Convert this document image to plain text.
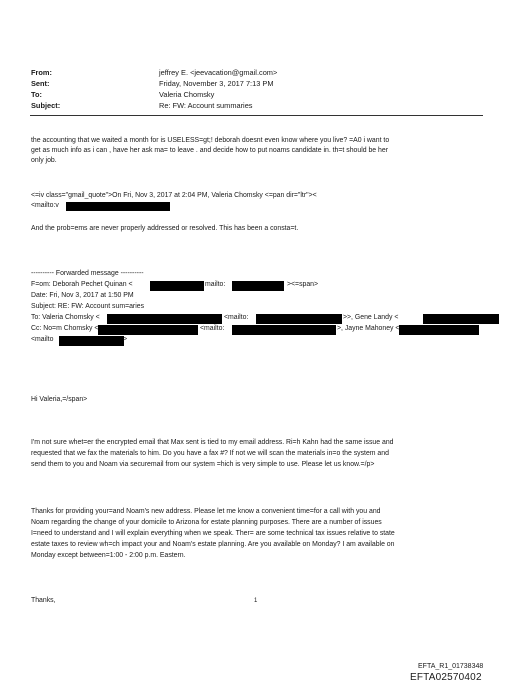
From:	jeffrey E. <jeevacation@gmail.com>
Sent:	Friday, November 3, 2017 7:13 PM
To:	Valeria Chomsky
Subject:	Re: FW: Account summaries
the accounting that we waited a month for is USELESS=gt;! deborah doesnt even know where you live? =A0 i want to
get as much info as i can , have her ask ma= to leave . and decide how to put noams candidate in. th=t should be her
only job.
<=iv class="gmail_quote">On Fri, Nov 3, 2017 at 2:04 PM, Valeria Chomsky <=pan dir="ltr"><
<mailto:v
And the prob=ems are never properly addressed or resolved. This has been a consta=t.
---------- Forwarded message ----------
F=om: Deborah Pechet Quinan <	mailto:	><=span>
Date: Fri, Nov 3, 2017 at 1:50 PM
Subject: RE: FW: Account sum=aries
To: Valeria Chomsky <	<mailto:	>>, Gene Landy <
Cc: No=m Chomsky <	<mailto:	>, Jayne Mahoney <
<mailto	>
Hi Valeria,=/span>
I'm not sure whet=er the encrypted email that Max sent is tied to my email address. Ri=h Kahn had the same issue and
requested that we fax the materials to him. Do you have a fax #? If not we will scan the materials in=o the system and
send them to you and Noam via securemail from our system =hich is very simple to use. Please let us know.=/p>
Thanks for providing your=and Noam's new address. Please let me know a convenient time=for a call with you and
Noam regarding the change of your domicile to Arizona for estate planning purposes. There are a number of issues
I=need to understand and I will explain everything when we speak. Ther= are some technical tax issues relative to state
estate taxes to review wh=ch impact your and Noam's estate planning. Are you available on Monday? I am available on
Monday except between=1:00 - 2:00 p.m. Eastern.
Thanks,	1
EFTA_R1_01738348
EFTA02570402
